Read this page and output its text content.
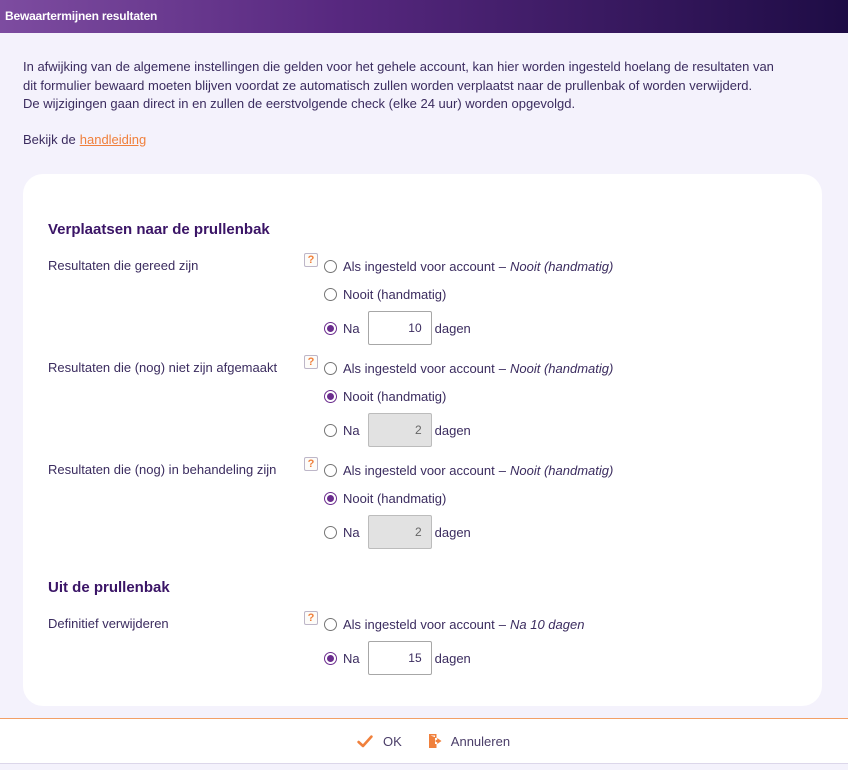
Bewaartermijnen resultaten
In afwijking van de algemene instellingen die gelden voor het gehele account, kan hier worden ingesteld hoelang de resultaten van
dit formulier bewaard moeten blijven voordat ze automatisch zullen worden verplaatst naar de prullenbak of worden verwijderd.
De wijzigingen gaan direct in en zullen de eerstvolgende check (elke 24 uur) worden opgevolgd.
Bekijk de handleiding
Verplaatsen naar de prullenbak
Resultaten die gereed zijn	? Als ingesteld voor account – Nooit (handmatig)
Nooit (handmatig)
Na
10	dagen
Resultaten die (nog) niet zijn afgemaakt	? Als ingesteld voor account – Nooit (handmatig)
Nooit (handmatig)
Na
2	dagen
Resultaten die (nog) in behandeling zijn	? Als ingesteld voor account – Nooit (handmatig)
Nooit (handmatig)
Na
2	dagen
Uit de prullenbak
Definitief verwijderen	? Als ingesteld voor account – Na 10 dagen
Na
15	dagen
OK	Annuleren
